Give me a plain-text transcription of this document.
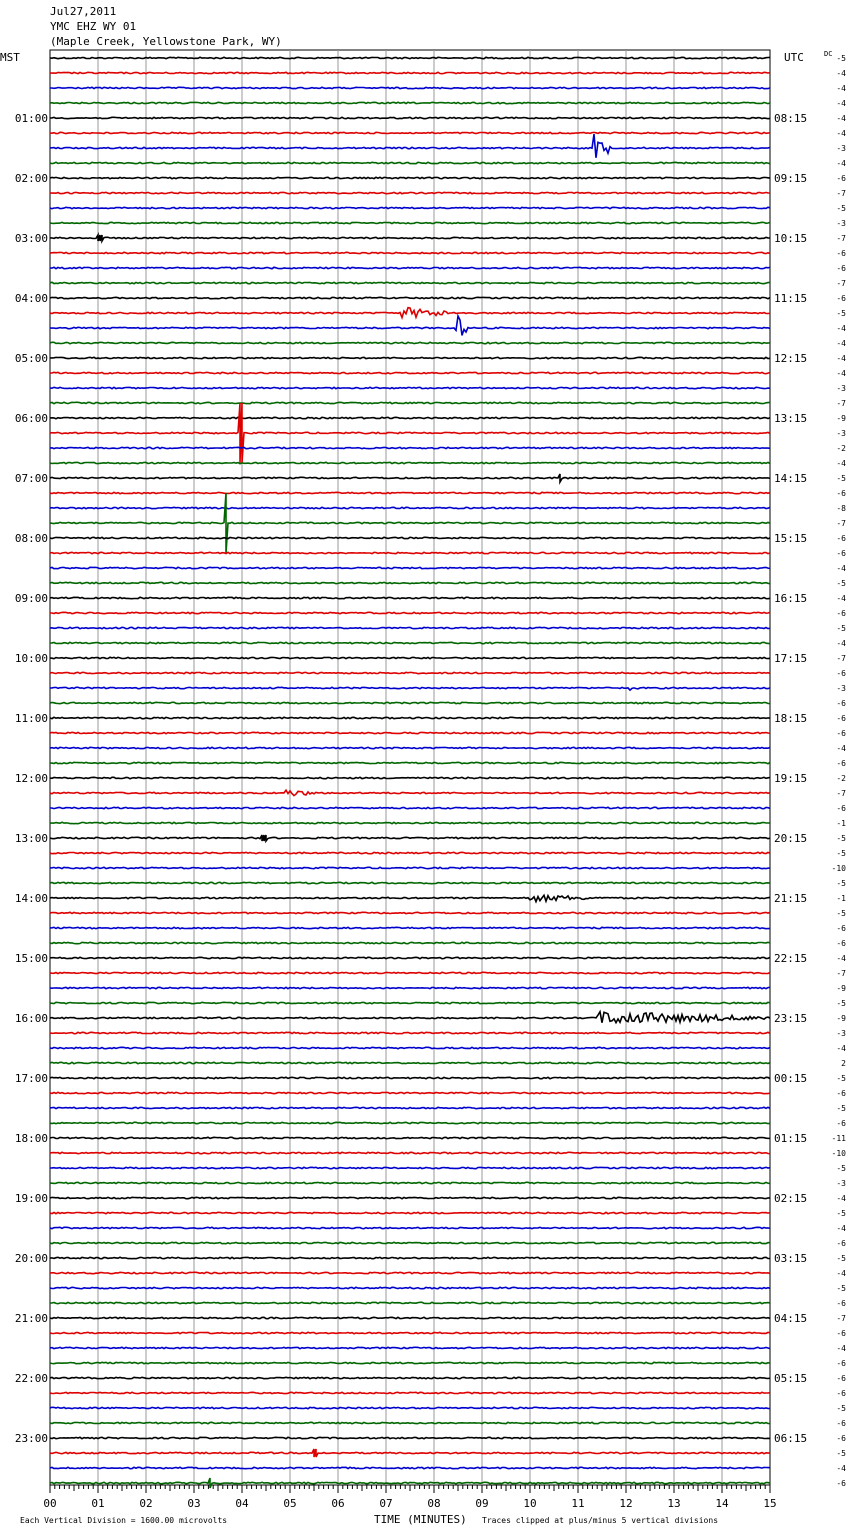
Jul27,2011
YMC EHZ WY 01
(Maple Creek, Yellowstone Park, WY)
MST	UTC	DC
01:00
02:00
03:00
04:00
05:00
06:00
07:00
08:00
09:00
10:00
11:00
12:00
13:00
14:00
15:00
16:00
17:00
18:00
19:00
20:00
21:00
22:00
23:00
08:15
09:15
10:15
11:15
12:15
13:15
14:15
15:15
16:15
17:15
18:15
19:15
20:15
21:15
22:15
23:15
00:15
01:15
02:15
03:15
04:15
05:15
06:15
-5
-4
-4
-4
-4
-4
-3
-4
-6
-7
-5
-3
-7
-6
-6
-7
-6
-5
-4
-4
-4
-4
-3
-7
-9
-3
-2
-4
-5
-6
-8
-7
-6
-6
-4
-5
-4
-6
-5
-4
-7
-6
-3
-6
-6
-6
-4
-6
-2
-7
-6
-1
-5
-5
-10
-5
-1
-5
-6
-6
-4
-7
-9
-5
-9
-3
-4
2
-5
-6
-5
-6
-11
-10
-5
-3
-4
-5
-4
-6
-5
-4
-5
-6
-7
-6
-4
-6
-6
-6
-5
-6
-6
-5
-4
-6
00	01	02	03	04	05	06	07	08	09	10	11	12	13	14	15
Each Vertical Division = 1600.00 microvolts	TIME (MINUTES) Traces clipped at plus/minus 5 vertical divisions
